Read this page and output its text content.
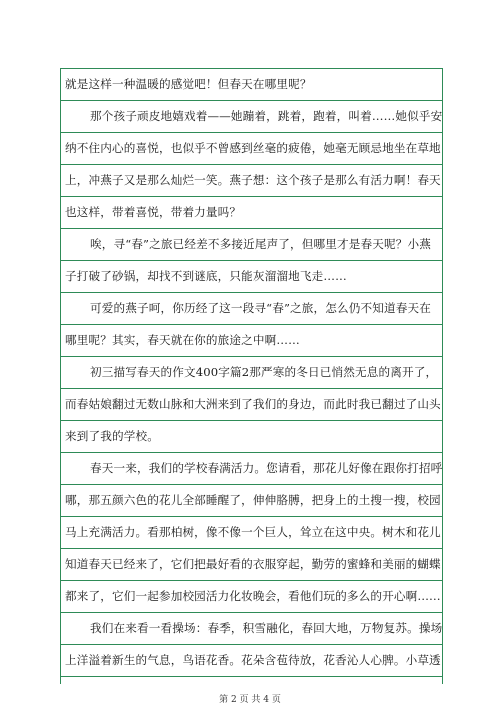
就是这样一种温暖的感觉吧！但春天在哪里呢？
那个孩子顽皮地嬉戏着——她蹦着，跳着，跑着，叫着……她似乎安
纳不住内心的喜悦，也似乎不曾感到丝毫的疲倦，她毫无顾忌地坐在草地
上，冲燕子又是那么灿烂一笑。燕子想：这个孩子是那么有活力啊！春天
也这样，带着喜悦，带着力量吗？
唉，寻“春”之旅已经差不多接近尾声了，但哪里才是春天呢？小燕
子打破了砂锅，却找不到谜底，只能灰溜溜地飞走……
可爱的燕子呵，你历经了这一段寻“春”之旅，怎么仍不知道春天在
哪里呢？其实，春天就在你的旅途之中啊……
初三描写春天的作文400字篇2那严寒的冬日已悄然无息的离开了，
而春姑娘翻过无数山脉和大洲来到了我们的身边，而此时我已翻过了山头
来到了我的学校。
春天一来，我们的学校春满活力。您请看，那花儿好像在跟你打招呼
哪，那五颜六色的花儿全部睡醒了，伸伸胳膊，把身上的土搜一搜，校园
马上充满活力。看那柏树，像不像一个巨人，耸立在这中央。树木和花儿
知道春天已经来了，它们把最好看的衣服穿起，勤劳的蜜蜂和美丽的蝴蝶
都来了，它们一起参加校园活力化妆晚会，看他们玩的多么的开心啊……
我们在来看一看操场：春季，积雪融化，春回大地，万物复苏。操场
上洋溢着新生的气息，鸟语花香。花朵含苞待放，花香沁人心脾。小草透
第 2 页 共 4 页
